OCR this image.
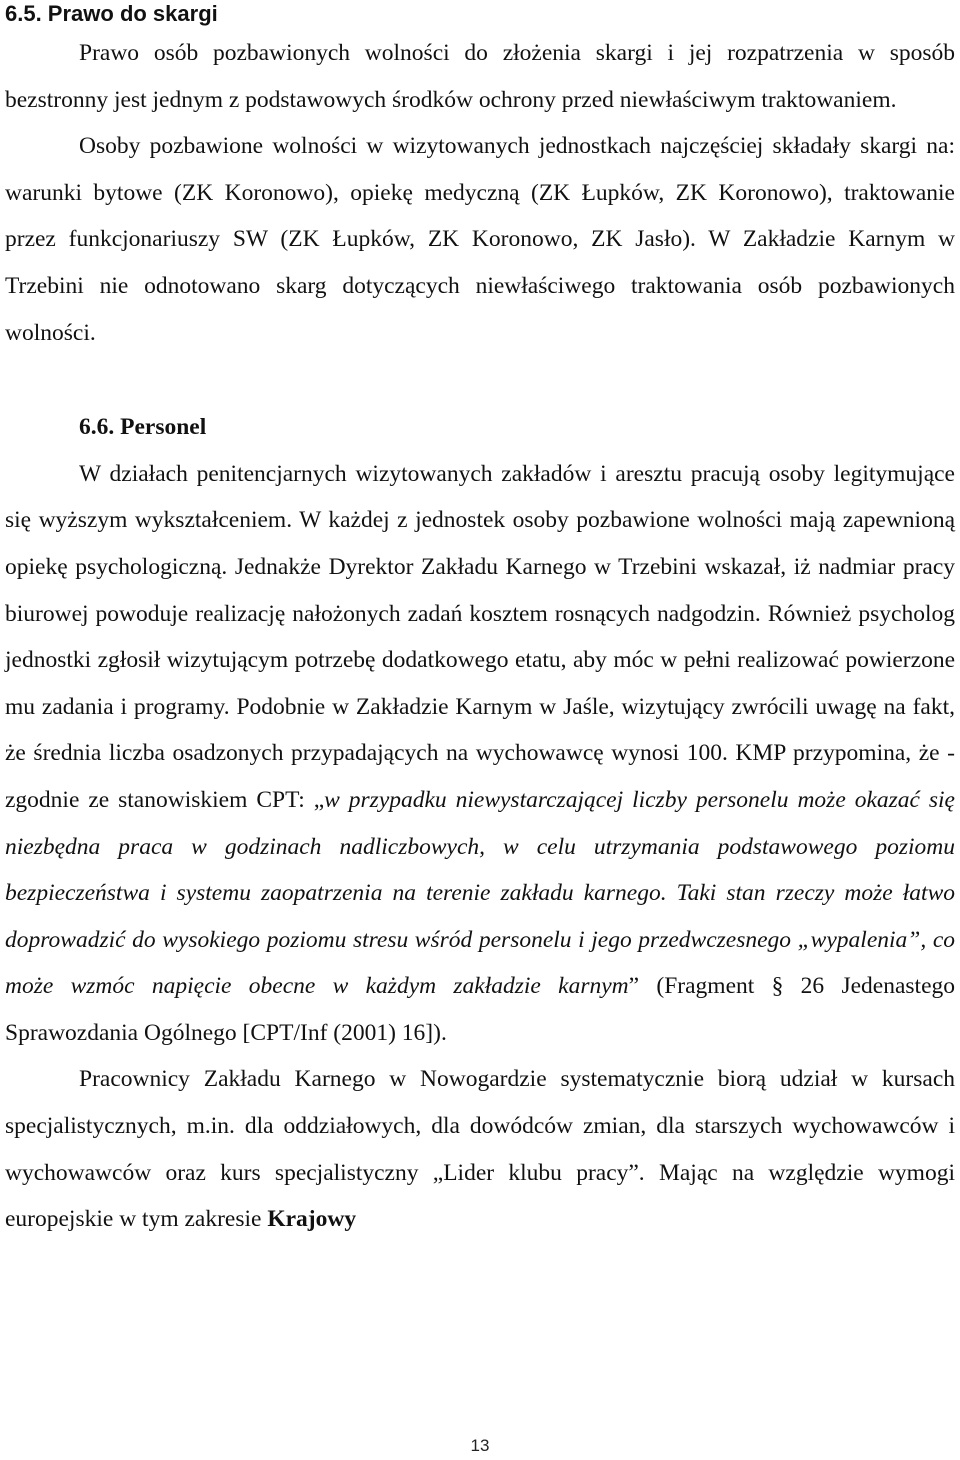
6.5. Prawo do skargi

Prawo osób pozbawionych wolności do złożenia skargi i jej rozpatrzenia w sposób bezstronny jest jednym z podstawowych środków ochrony przed niewłaściwym traktowaniem.

Osoby pozbawione wolności w wizytowanych jednostkach najczęściej składały skargi na: warunki bytowe (ZK Koronowo), opiekę medyczną (ZK Łupków, ZK Koronowo), traktowanie przez funkcjonariuszy SW (ZK Łupków, ZK Koronowo, ZK Jasło). W Zakładzie Karnym w Trzebini nie odnotowano skarg dotyczących niewłaściwego traktowania osób pozbawionych wolności.

6.6. Personel

W działach penitencjarnych wizytowanych zakładów i aresztu pracują osoby legitymujące się wyższym wykształceniem. W każdej z jednostek osoby pozbawione wolności mają zapewnioną opiekę psychologiczną. Jednakże Dyrektor Zakładu Karnego w Trzebini wskazał, iż nadmiar pracy biurowej powoduje realizację nałożonych zadań kosztem rosnących nadgodzin. Również psycholog jednostki zgłosił wizytującym potrzebę dodatkowego etatu, aby móc w pełni realizować powierzone mu zadania i programy. Podobnie w Zakładzie Karnym w Jaśle, wizytujący zwrócili uwagę na fakt, że średnia liczba osadzonych przypadających na wychowawcę wynosi 100. KMP przypomina, że - zgodnie ze stanowiskiem CPT: „w przypadku niewystarczającej liczby personelu może okazać się niezbędna praca w godzinach nadliczbowych, w celu utrzymania podstawowego poziomu bezpieczeństwa i systemu zaopatrzenia na terenie zakładu karnego. Taki stan rzeczy może łatwo doprowadzić do wysokiego poziomu stresu wśród personelu i jego przedwczesnego „wypalenia”, co może wzmóc napięcie obecne w każdym zakładzie karnym” (Fragment § 26 Jedenastego Sprawozdania Ogólnego [CPT/Inf (2001) 16]).

Pracownicy Zakładu Karnego w Nowogardzie systematycznie biorą udział w kursach specjalistycznych, m.in. dla oddziałowych, dla dowódców zmian, dla starszych wychowawców i wychowawców oraz kurs specjalistyczny „Lider klubu pracy”. Mając na względzie wymogi europejskie w tym zakresie Krajowy

13
